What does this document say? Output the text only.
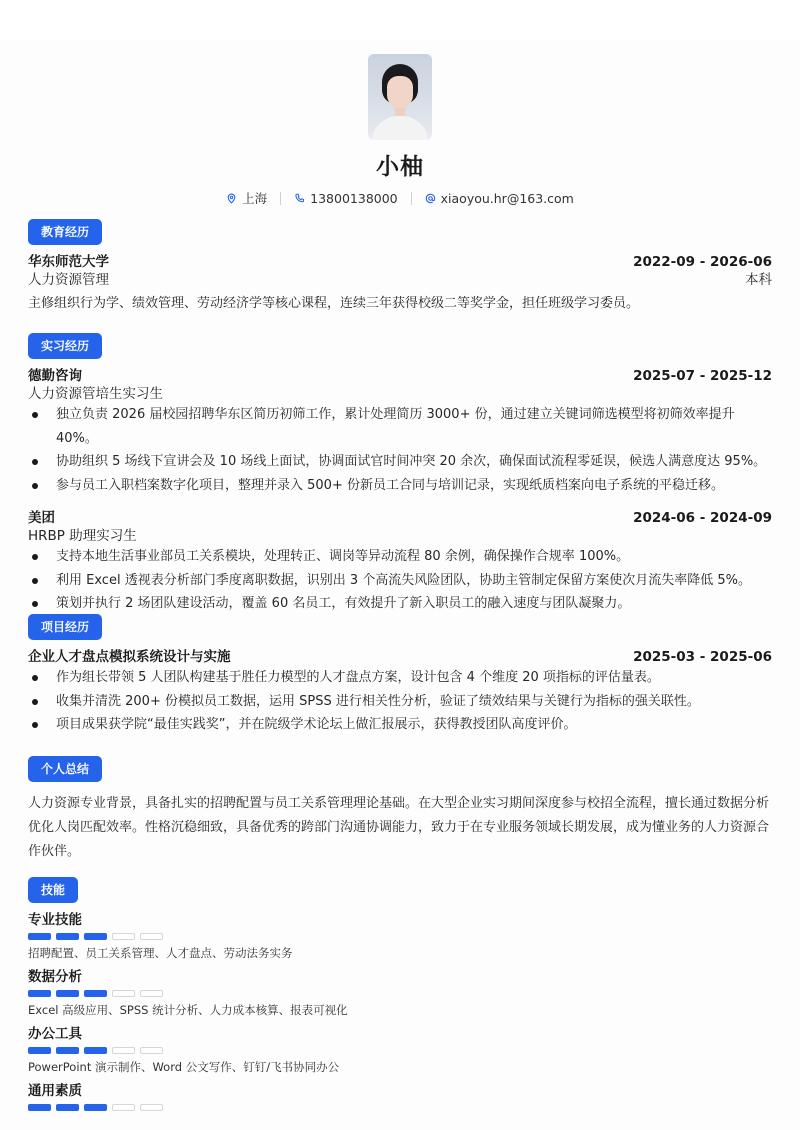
小柚
上海	13800138000	xiaoyou.hr@163.com
教育经历
华东师范大学	2022-09 - 2026-06
人力资源管理	本科
主修组织行为学、绩效管理、劳动经济学等核心课程，连续三年获得校级二等奖学金，担任班级学习委员。
实习经历
德勤咨询	2025-07 - 2025-12
人力资源管培生实习生
独立负责 2026 届校园招聘华东区简历初筛工作，累计处理简历 3000+ 份，通过建立关键词筛选模型将初筛效率提升 40%。
协助组织 5 场线下宣讲会及 10 场线上面试，协调面试官时间冲突 20 余次，确保面试流程零延误，候选人满意度达 95%。
参与员工入职档案数字化项目，整理并录入 500+ 份新员工合同与培训记录，实现纸质档案向电子系统的平稳迁移。
美团	2024-06 - 2024-09
HRBP 助理实习生
支持本地生活事业部员工关系模块，处理转正、调岗等异动流程 80 余例，确保操作合规率 100%。
利用 Excel 透视表分析部门季度离职数据，识别出 3 个高流失风险团队，协助主管制定保留方案使次月流失率降低 5%。
策划并执行 2 场团队建设活动，覆盖 60 名员工，有效提升了新入职员工的融入速度与团队凝聚力。
项目经历
企业人才盘点模拟系统设计与实施	2025-03 - 2025-06
作为组长带领 5 人团队构建基于胜任力模型的人才盘点方案，设计包含 4 个维度 20 项指标的评估量表。
收集并清洗 200+ 份模拟员工数据，运用 SPSS 进行相关性分析，验证了绩效结果与关键行为指标的强关联性。
项目成果获学院“最佳实践奖”，并在院级学术论坛上做汇报展示，获得教授团队高度评价。
个人总结
人力资源专业背景，具备扎实的招聘配置与员工关系管理理论基础。在大型企业实习期间深度参与校招全流程，擅长通过数据分析优化人岗匹配效率。性格沉稳细致，具备优秀的跨部门沟通协调能力，致力于在专业服务领域长期发展，成为懂业务的人力资源合作伙伴。
技能
专业技能
招聘配置、员工关系管理、人才盘点、劳动法务实务
数据分析
Excel 高级应用、SPSS 统计分析、人力成本核算、报表可视化
办公工具
PowerPoint 演示制作、Word 公文写作、钉钉/飞书协同办公
通用素质
